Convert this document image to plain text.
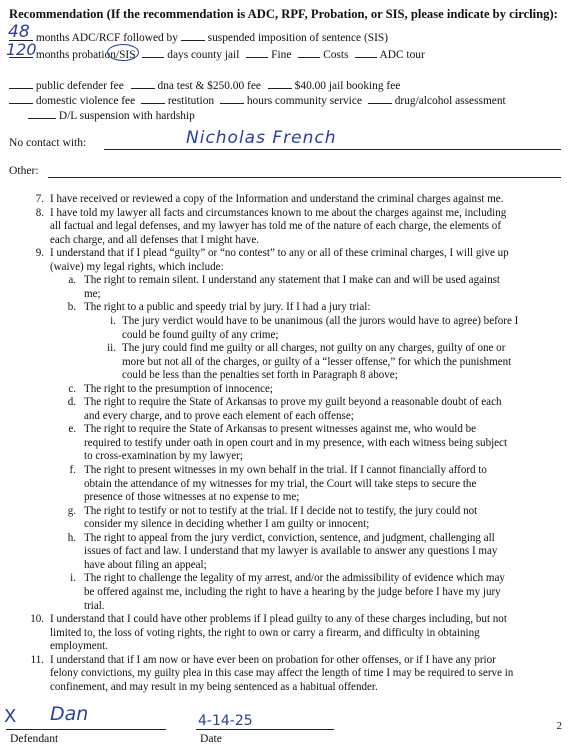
Recommendation (If the recommendation is ADC, RPF, Probation, or SIS, please indicate by circling):
months ADC/RCF followed by	suspended imposition of sentence (SIS)
48
months probation/SIS	days county jail	Fine	Costs	ADC tour
120
public defender fee	dna test & $250.00 fee	$40.00 jail booking fee
domestic violence fee	restitution	hours community service	drug/alcohol assessment
D/L suspension with hardship
No contact with:	Nicholas French
Other:
7. I have received or reviewed a copy of the Information and understand the criminal charges against me.
8. I have told my lawyer all facts and circumstances known to me about the charges against me, including
all factual and legal defenses, and my lawyer has told me of the nature of each charge, the elements of
each charge, and all defenses that I might have.
9. I understand that if I plead “guilty” or “no contest” to any or all of these criminal charges, I will give up
(waive) my legal rights, which include:
a. The right to remain silent. I understand any statement that I make can and will be used against
me;
b. The right to a public and speedy trial by jury. If I had a jury trial:
i. The jury verdict would have to be unanimous (all the jurors would have to agree) before I
could be found guilty of any crime;
ii. The jury could find me guilty or all charges, not guilty on any charges, guilty of one or
more but not all of the charges, or guilty of a “lesser offense,” for which the punishment
could be less than the penalties set forth in Paragraph 8 above;
c. The right to the presumption of innocence;
d. The right to require the State of Arkansas to prove my guilt beyond a reasonable doubt of each
and every charge, and to prove each element of each offense;
e. The right to require the State of Arkansas to present witnesses against me, who would be
required to testify under oath in open court and in my presence, with each witness being subject
to cross-examination by my lawyer;
f. The right to present witnesses in my own behalf in the trial. If I cannot financially afford to
obtain the attendance of my witnesses for my trial, the Court will take steps to secure the
presence of those witnesses at no expense to me;
g. The right to testify or not to testify at the trial. If I decide not to testify, the jury could not
consider my silence in deciding whether I am guilty or innocent;
h. The right to appeal from the jury verdict, conviction, sentence, and judgment, challenging all
issues of fact and law. I understand that my lawyer is available to answer any questions I may
have about filing an appeal;
i. The right to challenge the legality of my arrest, and/or the admissibility of evidence which may
be offered against me, including the right to have a hearing by the judge before I have my jury
trial.
10. I understand that I could have other problems if I plead guilty to any of these charges including, but not
limited to, the loss of voting rights, the right to own or carry a firearm, and difficulty in obtaining
employment.
11. I understand that if I am now or have ever been on probation for other offenses, or if I have any prior
felony convictions, my guilty plea in this case may affect the length of time I may be required to serve in
confinement, and may result in my being sentenced as a habitual offender.
X Dan
Defendant
4-14-25
Date
2
